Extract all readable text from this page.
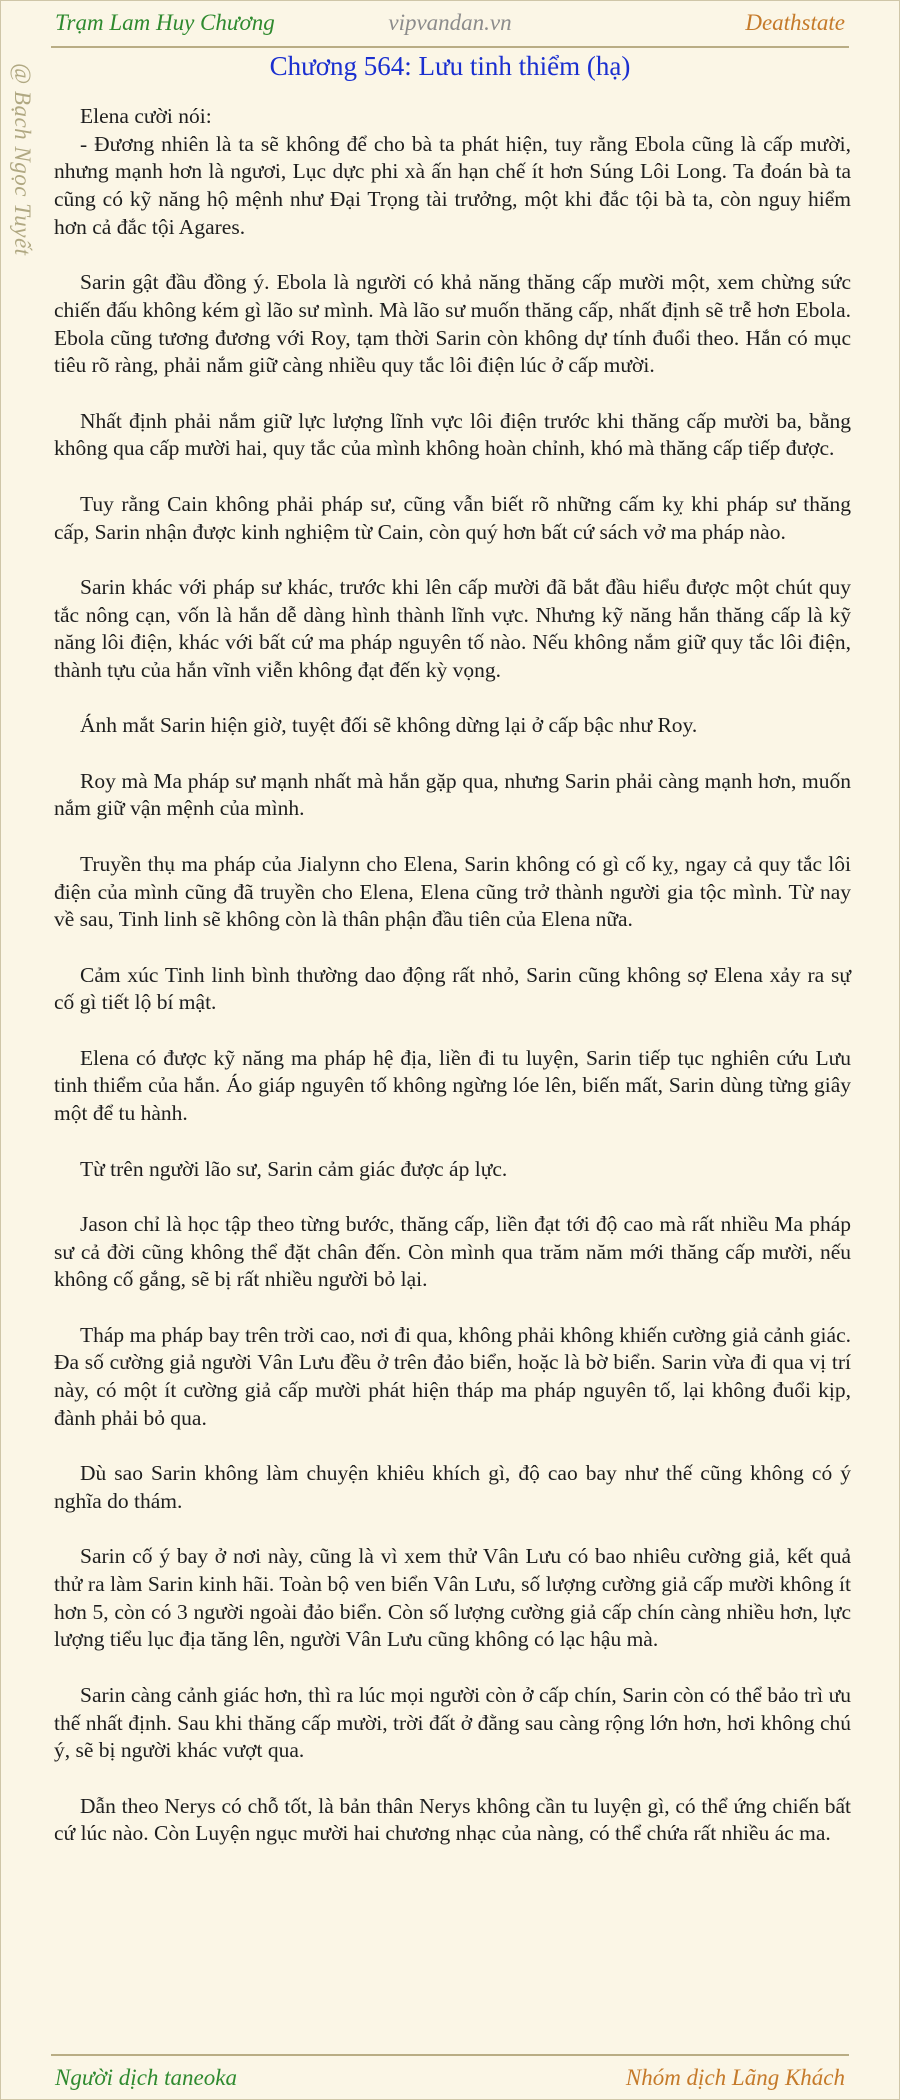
Trạm Lam Huy Chương	vipvandan.vn	Deathstate
@ Bạch Ngọc Tuyết	Chương 564: Lưu tinh thiểm (hạ)

Elena cười nói:

- Đương nhiên là ta sẽ không để cho bà ta phát hiện, tuy rằng Ebola cũng là cấp mười, nhưng mạnh hơn là ngươi, Lục dực phi xà ấn hạn chế ít hơn Súng Lôi Long. Ta đoán bà ta cũng có kỹ năng hộ mệnh như Đại Trọng tài trưởng, một khi đắc tội bà ta, còn nguy hiểm hơn cả đắc tội Agares.

Sarin gật đầu đồng ý. Ebola là người có khả năng thăng cấp mười một, xem chừng sức chiến đấu không kém gì lão sư mình. Mà lão sư muốn thăng cấp, nhất định sẽ trễ hơn Ebola. Ebola cũng tương đương với Roy, tạm thời Sarin còn không dự tính đuổi theo. Hắn có mục tiêu rõ ràng, phải nắm giữ càng nhiều quy tắc lôi điện lúc ở cấp mười.

Nhất định phải nắm giữ lực lượng lĩnh vực lôi điện trước khi thăng cấp mười ba, bằng không qua cấp mười hai, quy tắc của mình không hoàn chỉnh, khó mà thăng cấp tiếp được.

Tuy rằng Cain không phải pháp sư, cũng vẫn biết rõ những cấm kỵ khi pháp sư thăng cấp, Sarin nhận được kinh nghiệm từ Cain, còn quý hơn bất cứ sách vở ma pháp nào.

Sarin khác với pháp sư khác, trước khi lên cấp mười đã bắt đầu hiểu được một chút quy tắc nông cạn, vốn là hắn dễ dàng hình thành lĩnh vực. Nhưng kỹ năng hắn thăng cấp là kỹ năng lôi điện, khác với bất cứ ma pháp nguyên tố nào. Nếu không nắm giữ quy tắc lôi điện, thành tựu của hắn vĩnh viễn không đạt đến kỳ vọng.

Ánh mắt Sarin hiện giờ, tuyệt đối sẽ không dừng lại ở cấp bậc như Roy.

Roy mà Ma pháp sư mạnh nhất mà hắn gặp qua, nhưng Sarin phải càng mạnh hơn, muốn nắm giữ vận mệnh của mình.

Truyền thụ ma pháp của Jialynn cho Elena, Sarin không có gì cố kỵ, ngay cả quy tắc lôi điện của mình cũng đã truyền cho Elena, Elena cũng trở thành người gia tộc mình. Từ nay về sau, Tinh linh sẽ không còn là thân phận đầu tiên của Elena nữa.

Cảm xúc Tinh linh bình thường dao động rất nhỏ, Sarin cũng không sợ Elena xảy ra sự cố gì tiết lộ bí mật.

Elena có được kỹ năng ma pháp hệ địa, liền đi tu luyện, Sarin tiếp tục nghiên cứu Lưu tinh thiểm của hắn. Áo giáp nguyên tố không ngừng lóe lên, biến mất, Sarin dùng từng giây một để tu hành.

Từ trên người lão sư, Sarin cảm giác được áp lực.

Jason chỉ là học tập theo từng bước, thăng cấp, liền đạt tới độ cao mà rất nhiều Ma pháp sư cả đời cũng không thể đặt chân đến. Còn mình qua trăm năm mới thăng cấp mười, nếu không cố gắng, sẽ bị rất nhiều người bỏ lại.

Tháp ma pháp bay trên trời cao, nơi đi qua, không phải không khiến cường giả cảnh giác. Đa số cường giả người Vân Lưu đều ở trên đảo biển, hoặc là bờ biển. Sarin vừa đi qua vị trí này, có một ít cường giả cấp mười phát hiện tháp ma pháp nguyên tố, lại không đuổi kịp, đành phải bỏ qua.

Dù sao Sarin không làm chuyện khiêu khích gì, độ cao bay như thế cũng không có ý nghĩa do thám.

Sarin cố ý bay ở nơi này, cũng là vì xem thử Vân Lưu có bao nhiêu cường giả, kết quả thử ra làm Sarin kinh hãi. Toàn bộ ven biển Vân Lưu, số lượng cường giả cấp mười không ít hơn 5, còn có 3 người ngoài đảo biển. Còn số lượng cường giả cấp chín càng nhiều hơn, lực lượng tiểu lục địa tăng lên, người Vân Lưu cũng không có lạc hậu mà.

Sarin càng cảnh giác hơn, thì ra lúc mọi người còn ở cấp chín, Sarin còn có thể bảo trì ưu thế nhất định. Sau khi thăng cấp mười, trời đất ở đằng sau càng rộng lớn hơn, hơi không chú ý, sẽ bị người khác vượt qua.

Dẫn theo Nerys có chỗ tốt, là bản thân Nerys không cần tu luyện gì, có thể ứng chiến bất cứ lúc nào. Còn Luyện ngục mười hai chương nhạc của nàng, có thể chứa rất nhiều ác ma.

Người dịch taneoka	Nhóm dịch Lãng Khách
